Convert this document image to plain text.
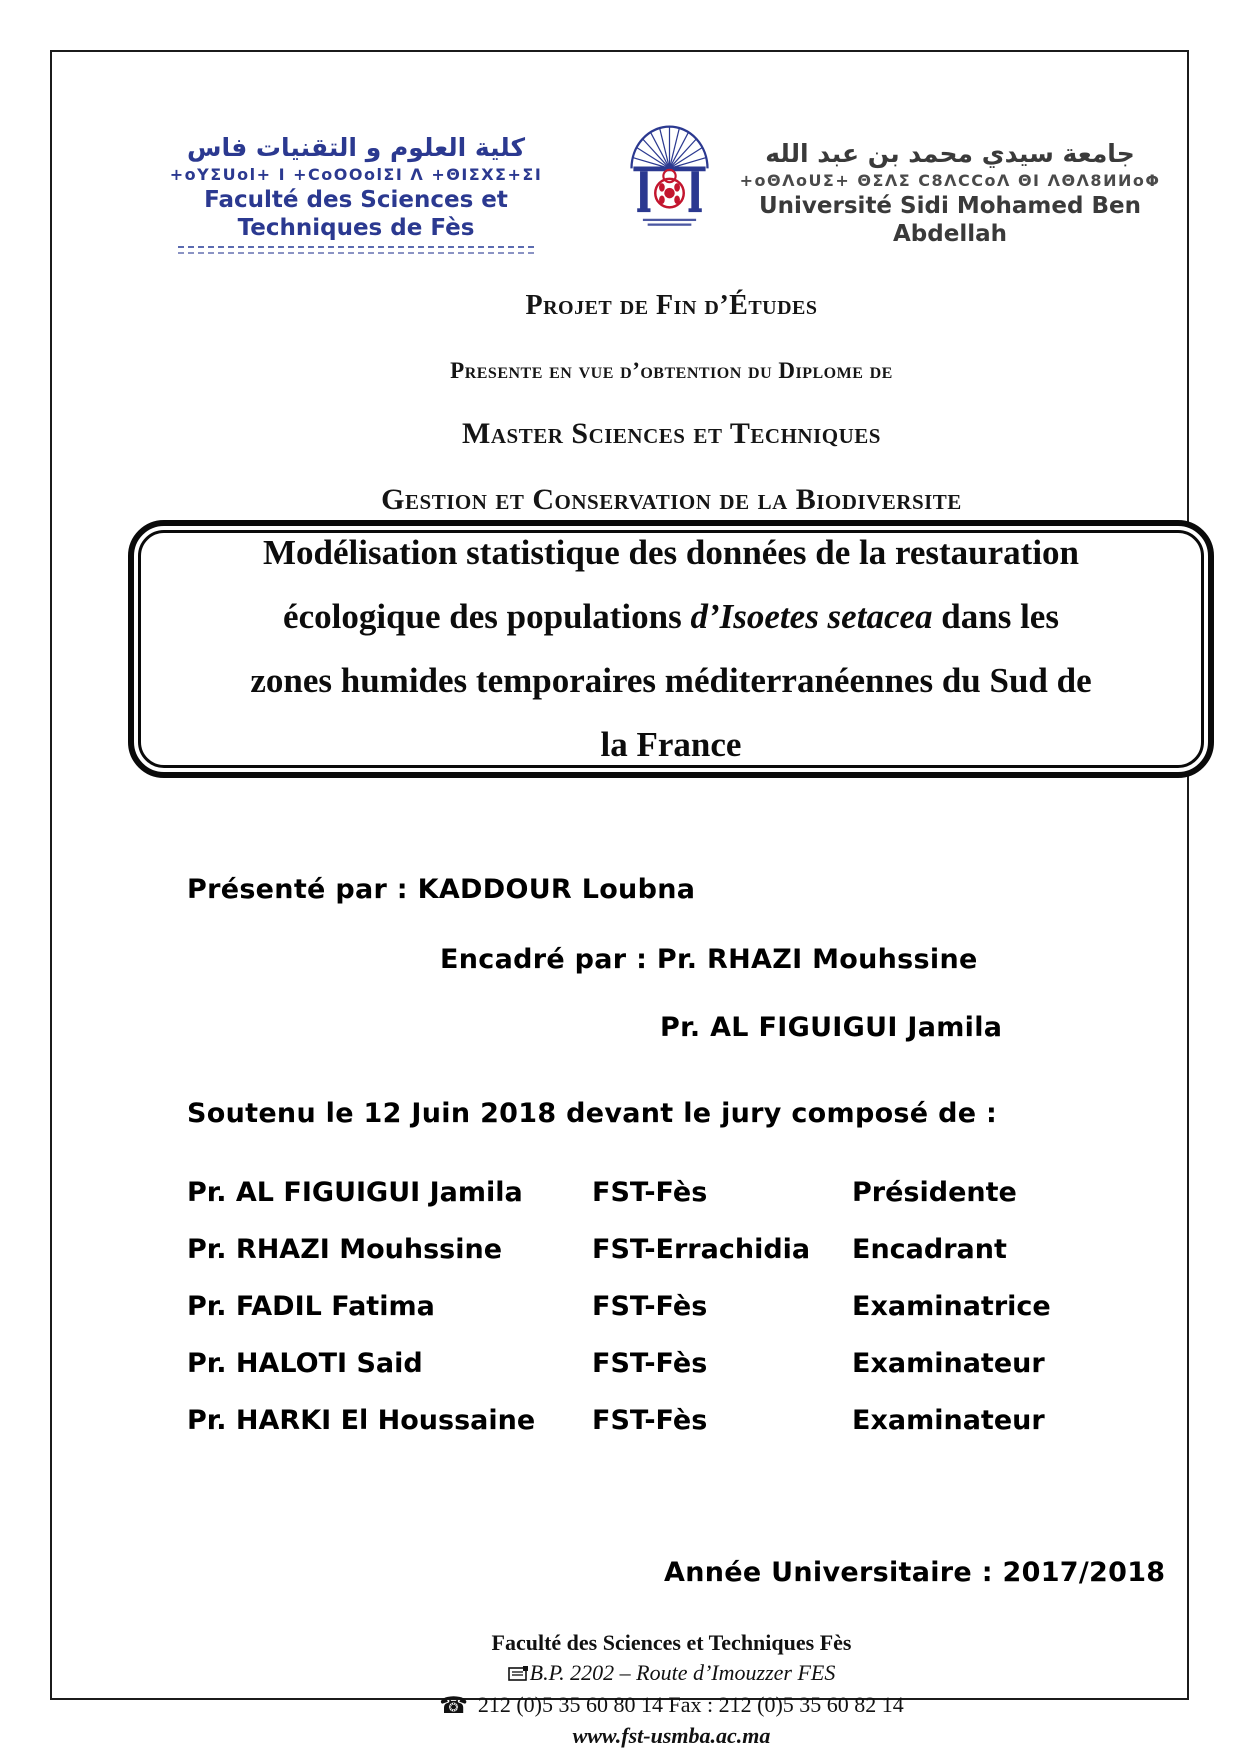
كلية العلوم و التقنيات فاس
+oYΣUol+ I +CoOOolΣI Λ +ΘIΣXΣ+ΣI
Faculté des Sciences et Techniques de Fès
جامعة سيدي محمد بن عبد الله
+oΘΛoUΣ+ ΘΣΛΣ C8ΛCCoΛ ΘI ΛΘΛ8ИИoΦ
Université Sidi Mohamed Ben Abdellah
Projet de Fin d’Études
Presente en vue d’obtention du Diplome de
Master Sciences et Techniques
Gestion et Conservation de la Biodiversite
Modélisation statistique des données de la restauration
écologique des populations d’Isoetes setacea dans les
zones humides temporaires méditerranéennes du Sud de
la France
Présenté par : KADDOUR Loubna
Encadré par : Pr. RHAZI Mouhssine
Pr. AL FIGUIGUI Jamila
Soutenu le 12 Juin 2018 devant le jury composé de :
Pr. AL FIGUIGUI Jamila	FST-Fès	Présidente
Pr. RHAZI Mouhssine	FST-Errachidia	Encadrant
Pr. FADIL Fatima	FST-Fès	Examinatrice
Pr. HALOTI Said	FST-Fès	Examinateur
Pr. HARKI El Houssaine	FST-Fès	Examinateur
Année Universitaire : 2017/2018
Faculté des Sciences et Techniques Fès
B.P. 2202 – Route d’Imouzzer FES
☎ 212 (0)5 35 60 80 14 Fax : 212 (0)5 35 60 82 14
www.fst-usmba.ac.ma
